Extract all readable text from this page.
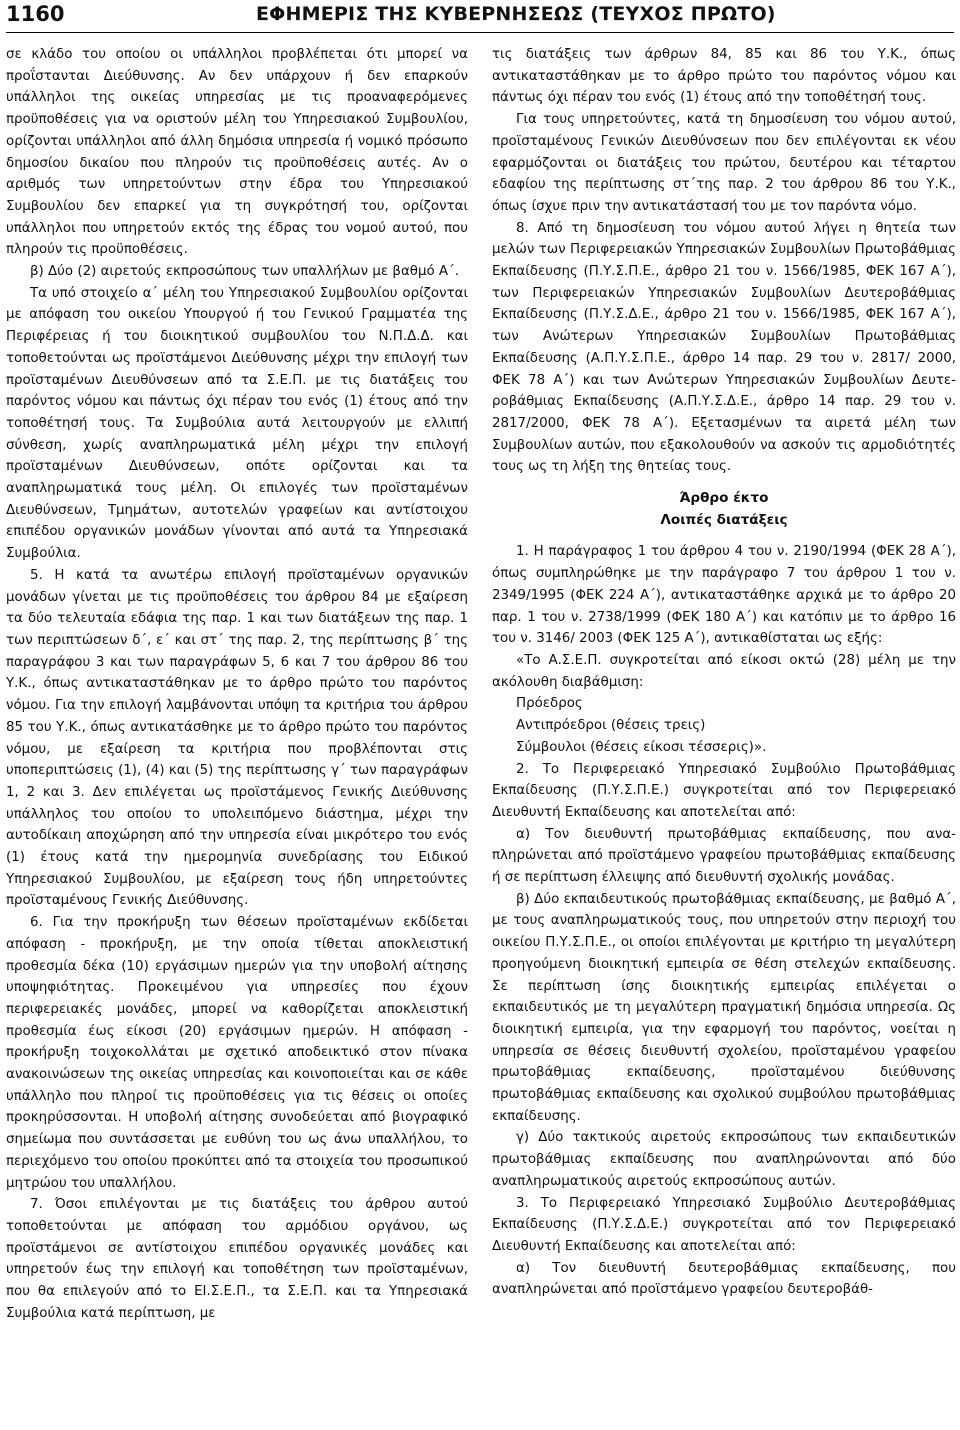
1160	ΕΦΗΜΕΡΙΣ ΤΗΣ ΚΥΒΕΡΝΗΣΕΩΣ (ΤΕΥΧΟΣ ΠΡΩΤΟ)

σε κλάδο του οποίου οι υπάλληλοι προβλέπεται ότι μπορεί να προΐστανται Διεύθυνσης. Αν δεν υπάρχουν ή δεν επαρκούν υπάλληλοι της οικείας υπηρεσίας με τις προαναφερόμενες προϋποθέσεις για να οριστούν μέλη του Υπηρεσιακού Συμβουλίου, ορίζονται υπάλληλοι από άλλη δημόσια υπηρεσία ή νομικό πρόσωπο δημοσίου δικαίου που πληρούν τις προϋποθέσεις αυτές. Αν ο αριθμός των υπηρετούντων στην έδρα του Υπηρεσιακού Συμβουλίου δεν επαρκεί για τη συγκρότησή του, ορίζονται υπάλληλοι που υπηρετούν εκτός της έδρας του νομού αυτού, που πληρούν τις προϋποθέσεις.

β) Δύο (2) αιρετούς εκπροσώπους των υπαλλήλων με βαθμό Α΄.

Τα υπό στοιχείο α΄ μέλη του Υπηρεσιακού Συμβουλίου ορίζονται με απόφαση του οικείου Υπουργού ή του Γενικού Γραμματέα της Περιφέρειας ή του διοικητικού συμβουλίου του Ν.Π.Δ.Δ. και τοποθετούνται ως προϊστάμενοι Διεύθυνσης μέχρι την επιλογή των προϊσταμένων Διευθύνσεων από τα Σ.Ε.Π. με τις διατάξεις του παρόντος νόμου και πάντως όχι πέραν του ενός (1) έτους από την τοποθέτησή τους. Τα Συμβούλια αυτά λειτουργούν με ελλιπή σύνθεση, χωρίς αναπληρωματικά μέλη μέχρι την επιλογή προϊσταμένων Διευθύνσεων, οπότε ορίζονται και τα αναπληρωματικά τους μέλη. Οι επιλογές των προϊσταμένων Διευθύνσεων, Τμημάτων, αυτοτελών γραφείων και αντίστοιχου επιπέδου οργανικών μονάδων γίνονται από αυτά τα Υπηρεσιακά Συμβούλια.

5. Η κατά τα ανωτέρω επιλογή προϊσταμένων οργανικών μονάδων γίνεται με τις προϋποθέσεις του άρθρου 84 με εξαίρεση τα δύο τελευταία εδάφια της παρ. 1 και των διατάξεων της παρ. 1 των περιπτώσεων δ΄, ε΄ και στ΄ της παρ. 2, της περίπτωσης β΄ της παραγράφου 3 και των παραγράφων 5, 6 και 7 του άρθρου 86 του Υ.Κ., όπως αντικαταστάθηκαν με το άρθρο πρώτο του παρόντος νόμου. Για την επιλογή λαμβάνονται υπόψη τα κριτήρια του άρθρου 85 του Υ.Κ., όπως αντικατάσθηκε με το άρθρο πρώτο του παρόντος νόμου, με εξαίρεση τα κριτήρια που προβλέπονται στις υποπεριπτώσεις (1), (4) και (5) της περίπτωσης γ΄ των παραγράφων 1, 2 και 3. Δεν επιλέγεται ως προϊστάμενος Γενικής Διεύθυνσης υπάλληλος του οποίου το υπολειπόμενο διάστημα, μέχρι την αυτοδίκαιη αποχώρηση από την υπηρεσία είναι μικρότερο του ενός (1) έτους κατά την ημερομηνία συνεδρίασης του Ειδικού Υπηρεσιακού Συμβουλίου, με εξαίρεση τους ήδη υπηρετούντες προϊσταμένους Γενικής Διεύθυνσης.

6. Για την προκήρυξη των θέσεων προϊσταμένων εκδίδεται απόφαση - προκήρυξη, με την οποία τίθεται αποκλειστική προθεσμία δέκα (10) εργάσιμων ημερών για την υποβολή αίτησης υποψηφιότητας. Προκειμένου για υπηρεσίες που έχουν περιφερειακές μονάδες, μπορεί να καθορίζεται αποκλειστική προθεσμία έως είκοσι (20) εργάσιμων ημερών. Η απόφαση - προκήρυξη τοιχοκολλάται με σχετικό αποδεικτικό στον πίνακα ανακοινώσεων της οικείας υπηρεσίας και κοινοποιείται και σε κάθε υπάλληλο που πληροί τις προϋποθέσεις για τις θέσεις οι οποίες προκηρύσσονται. Η υποβολή αίτησης συνοδεύεται από βιογραφικό σημείωμα που συντάσσεται με ευθύνη του ως άνω υπαλλήλου, το περιεχόμενο του οποίου προκύπτει από τα στοιχεία του προσωπικού μητρώου του υπαλλήλου.

7. Όσοι επιλέγονται με τις διατάξεις του άρθρου αυτού τοποθετούνται με απόφαση του αρμόδιου οργάνου, ως προϊστάμενοι σε αντίστοιχου επιπέδου οργανικές μονάδες και υπηρετούν έως την επιλογή και τοποθέτηση των προϊσταμένων, που θα επιλεγούν από το ΕΙ.Σ.Ε.Π., τα Σ.Ε.Π. και τα Υπηρεσιακά Συμβούλια κατά περίπτωση, με

τις διατάξεις των άρθρων 84, 85 και 86 του Υ.Κ., όπως αντικαταστάθηκαν με το άρθρο πρώτο του παρόντος νόμου και πάντως όχι πέραν του ενός (1) έτους από την τοποθέτησή τους.

Για τους υπηρετούντες, κατά τη δημοσίευση του νόμου αυτού, προϊσταμένους Γενικών Διευθύνσεων που δεν επιλέγονται εκ νέου εφαρμόζονται οι διατάξεις του πρώτου, δευτέρου και τέταρτου εδαφίου της περίπτωσης στ΄της παρ. 2 του άρθρου 86 του Υ.Κ., όπως ίσχυε πριν την αντικατάστασή του με τον παρόντα νόμο.

8. Από τη δημοσίευση του νόμου αυτού λήγει η θητεία των μελών των Περιφερειακών Υπηρεσιακών Συμβουλίων Πρωτοβάθμιας Εκπαίδευσης (Π.Υ.Σ.Π.Ε., άρθρο 21 του ν. 1566/1985, ΦΕΚ 167 Α΄), των Περιφερειακών Υπηρεσιακών Συμβουλίων Δευτεροβάθμιας Εκπαίδευσης (Π.Υ.Σ.Δ.Ε., άρθρο 21 του ν. 1566/1985, ΦΕΚ 167 Α΄), των Ανώτερων Υπηρεσιακών Συμβουλίων Πρωτοβάθμιας Εκπαίδευσης (Α.Π.Υ.Σ.Π.Ε., άρθρο 14 παρ. 29 του ν. 2817/ 2000, ΦΕΚ 78 Α΄) και των Ανώτερων Υπηρεσιακών Συμβουλίων Δευτεροβάθμιας Εκπαίδευσης (Α.Π.Υ.Σ.Δ.Ε., άρθρο 14 παρ. 29 του ν. 2817/2000, ΦΕΚ 78 Α΄). Εξετασμένων τα αιρετά μέλη των Συμβουλίων αυτών, που εξακολουθούν να ασκούν τις αρμοδιότητές τους ως τη λήξη της θητείας τους.

Άρθρο έκτο

Λοιπές διατάξεις

1. Η παράγραφος 1 του άρθρου 4 του ν. 2190/1994 (ΦΕΚ 28 Α΄), όπως συμπληρώθηκε με την παράγραφο 7 του άρθρου 1 του ν. 2349/1995 (ΦΕΚ 224 Α΄), αντικαταστάθηκε αρχικά με το άρθρο 20 παρ. 1 του ν. 2738/1999 (ΦΕΚ 180 Α΄) και κατόπιν με το άρθρο 16 του ν. 3146/ 2003 (ΦΕΚ 125 Α΄), αντικαθίσταται ως εξής:

«Το Α.Σ.Ε.Π. συγκροτείται από είκοσι οκτώ (28) μέλη με την ακόλουθη διαβάθμιση:

Πρόεδρος

Αντιπρόεδροι (θέσεις τρεις)

Σύμβουλοι (θέσεις είκοσι τέσσερις)».

2. Το Περιφερειακό Υπηρεσιακό Συμβούλιο Πρωτοβάθμιας Εκπαίδευσης (Π.Υ.Σ.Π.Ε.) συγκροτείται από τον Περιφερειακό Διευθυντή Εκπαίδευσης και αποτελείται από:

α) Τον διευθυντή πρωτοβάθμιας εκπαίδευσης, που αναπληρώνεται από προϊστάμενο γραφείου πρωτοβάθμιας εκπαίδευσης ή σε περίπτωση έλλειψης από διευθυντή σχολικής μονάδας.

β) Δύο εκπαιδευτικούς πρωτοβάθμιας εκπαίδευσης, με βαθμό Α΄, με τους αναπληρωματικούς τους, που υπηρετούν στην περιοχή του οικείου Π.Υ.Σ.Π.Ε., οι οποίοι επιλέγονται με κριτήριο τη μεγαλύτερη προηγούμενη διοικητική εμπειρία σε θέση στελεχών εκπαίδευσης. Σε περίπτωση ίσης διοικητικής εμπειρίας επιλέγεται ο εκπαιδευτικός με τη μεγαλύτερη πραγματική δημόσια υπηρεσία. Ως διοικητική εμπειρία, για την εφαρμογή του παρόντος, νοείται η υπηρεσία σε θέσεις διευθυντή σχολείου, προϊσταμένου γραφείου πρωτοβάθμιας εκπαίδευσης, προϊσταμένου διεύθυνσης πρωτοβάθμιας εκπαίδευσης και σχολικού συμβούλου πρωτοβάθμιας εκπαίδευσης.

γ) Δύο τακτικούς αιρετούς εκπροσώπους των εκπαιδευτικών πρωτοβάθμιας εκπαίδευσης που αναπληρώνονται από δύο αναπληρωματικούς αιρετούς εκπροσώπους αυτών.

3. Το Περιφερειακό Υπηρεσιακό Συμβούλιο Δευτεροβάθμιας Εκπαίδευσης (Π.Υ.Σ.Δ.Ε.) συγκροτείται από τον Περιφερειακό Διευθυντή Εκπαίδευσης και αποτελείται από:

α) Τον διευθυντή δευτεροβάθμιας εκπαίδευσης, που αναπληρώνεται από προϊστάμενο γραφείου δευτεροβάθ-
